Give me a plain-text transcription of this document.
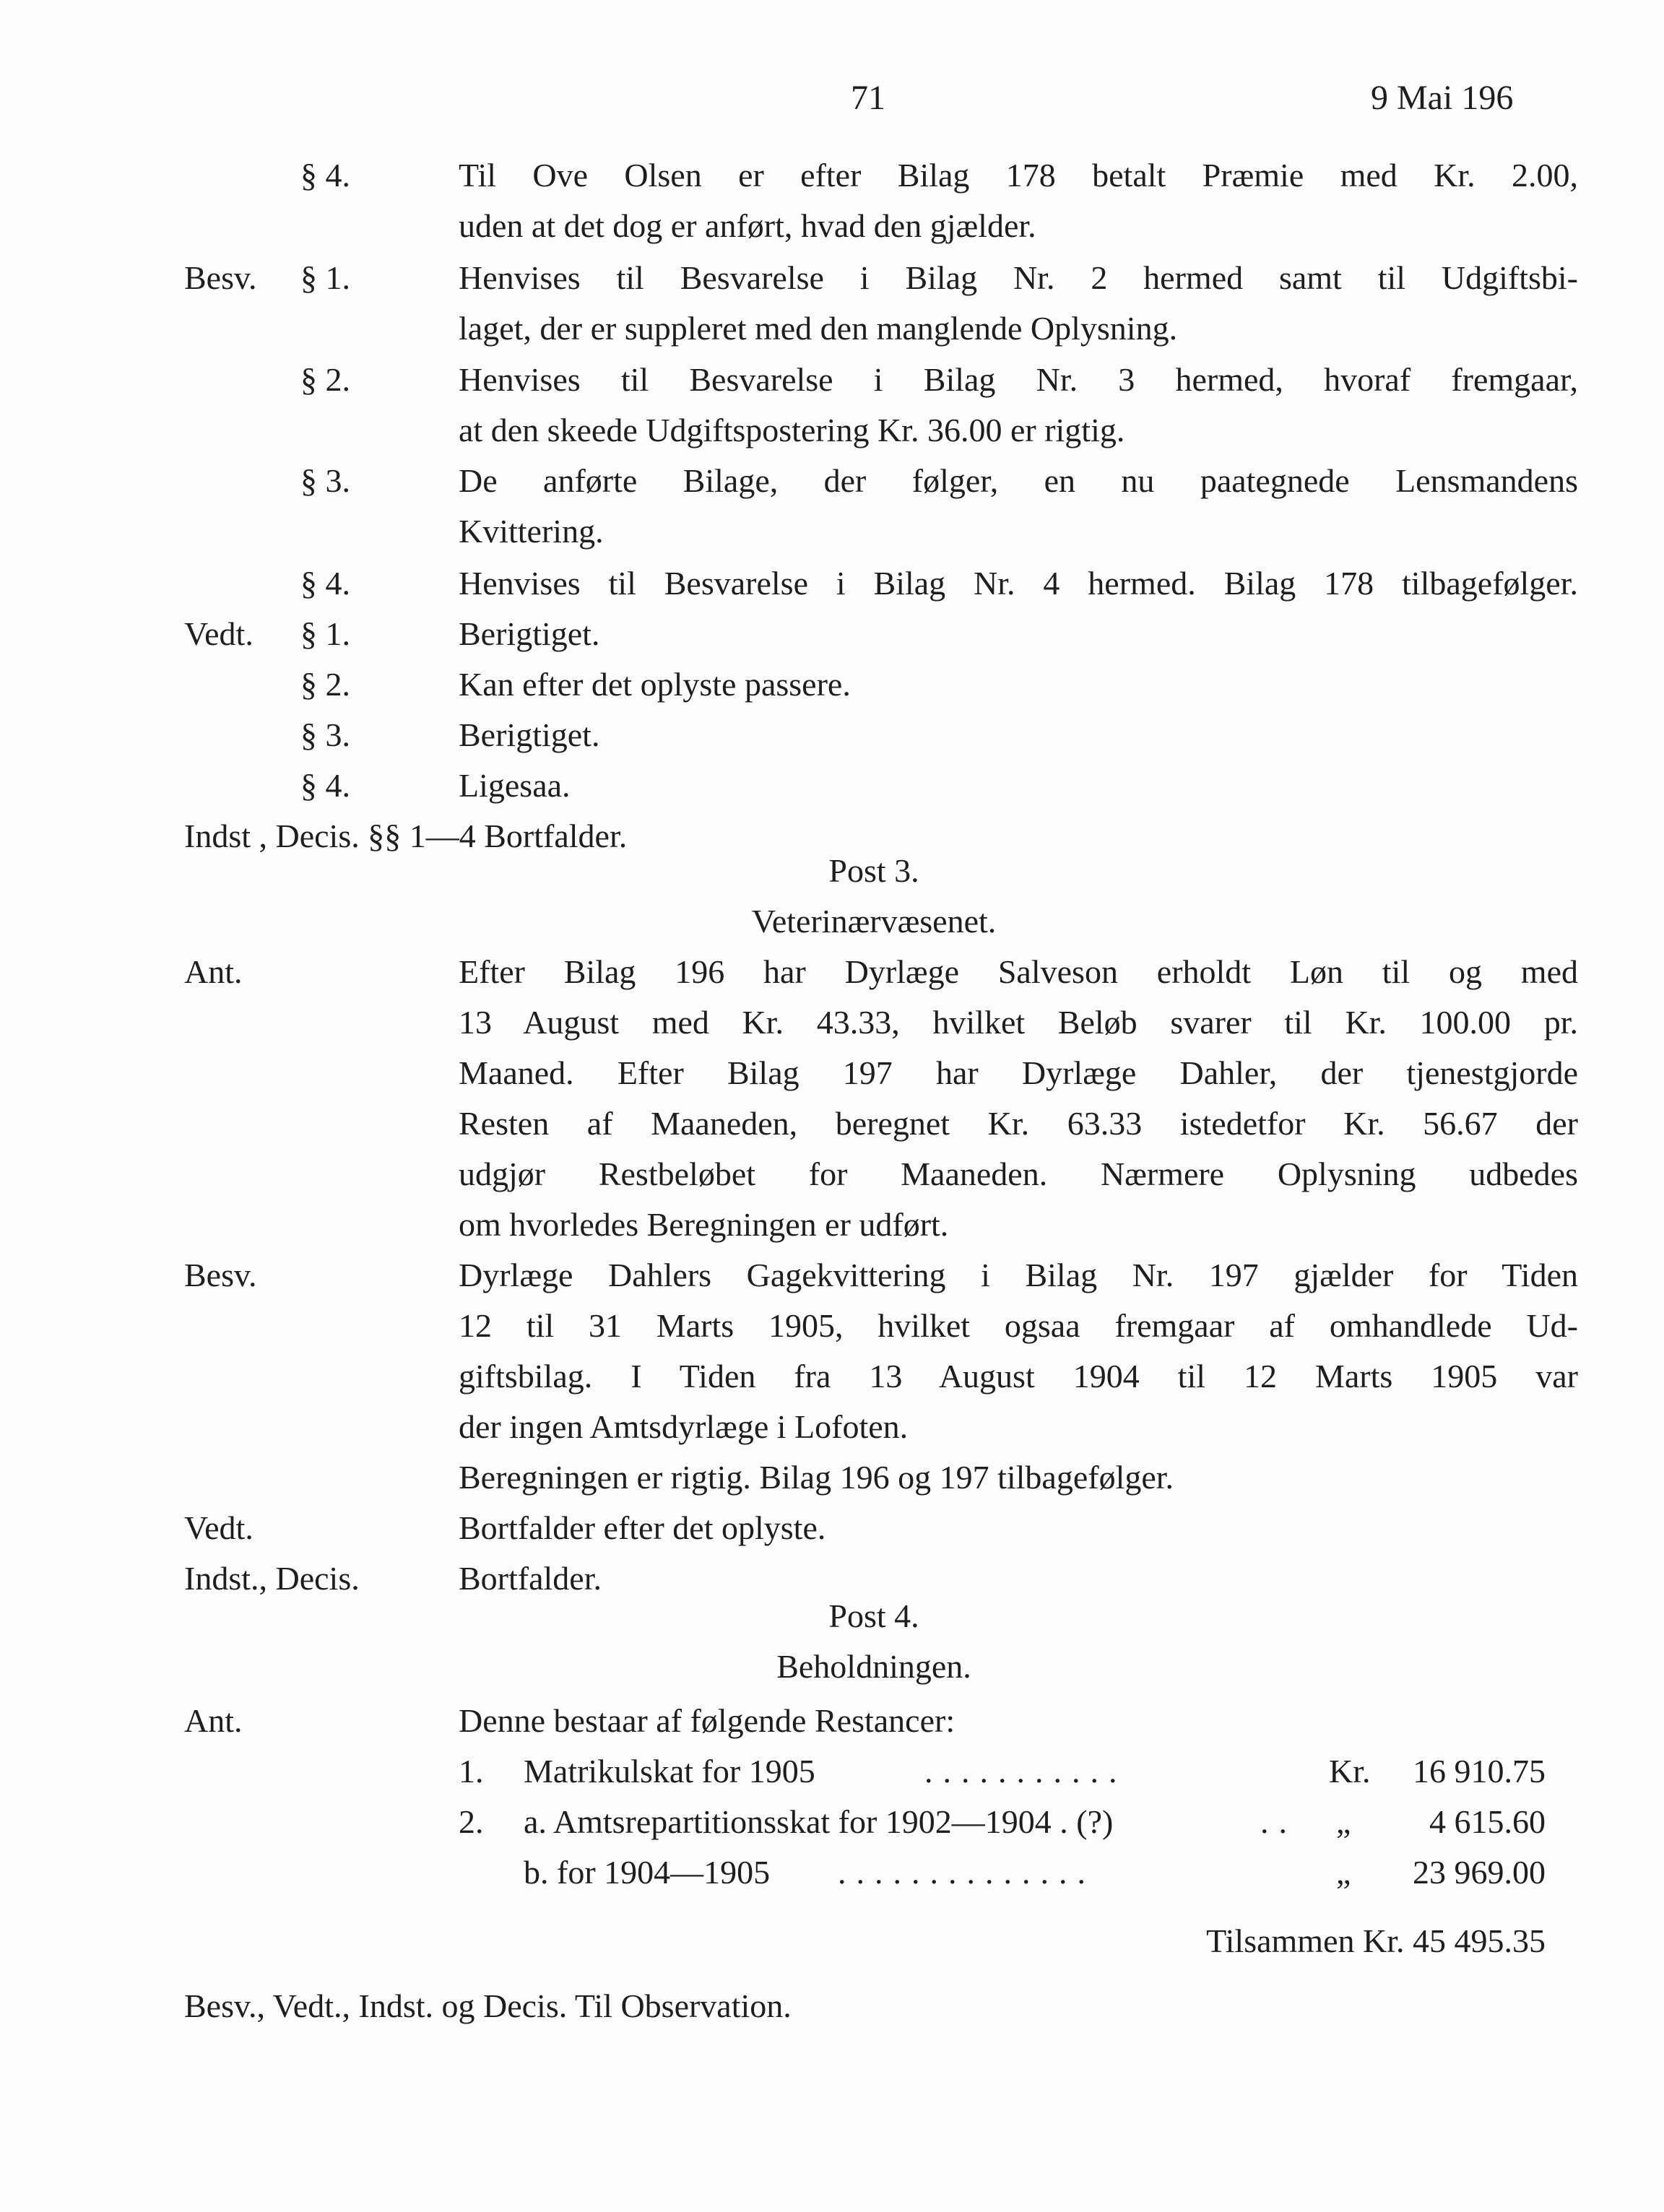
71	9 Mai 196
§ 4.	Til Ove Olsen er efter Bilag 178 betalt Præmie med Kr. 2.00,
uden at det dog er anført, hvad den gjælder.
Besv.	§ 1.	Henvises til Besvarelse i Bilag Nr. 2 hermed samt til Udgiftsbi-
laget, der er suppleret med den manglende Oplysning.
§ 2.	Henvises til Besvarelse i Bilag Nr. 3 hermed, hvoraf fremgaar,
at den skeede Udgiftspostering Kr. 36.00 er rigtig.
§ 3.	De anførte Bilage, der følger, en nu paategnede Lensmandens
Kvittering.
§ 4.	Henvises til Besvarelse i Bilag Nr. 4 hermed. Bilag 178 tilbagefølger.
Vedt.	§ 1.	Berigtiget.
§ 2.	Kan efter det oplyste passere.
§ 3.	Berigtiget.
§ 4.	Ligesaa.
Indst , Decis. §§ 1—4 Bortfalder.
Post 3.
Veterinærvæsenet.
Ant.	Efter Bilag 196 har Dyrlæge Salveson erholdt Løn til og med
13 August med Kr. 43.33, hvilket Beløb svarer til Kr. 100.00 pr.
Maaned. Efter Bilag 197 har Dyrlæge Dahler, der tjenestgjorde
Resten af Maaneden, beregnet Kr. 63.33 istedetfor Kr. 56.67 der
udgjør Restbeløbet for Maaneden. Nærmere Oplysning udbedes
om hvorledes Beregningen er udført.
Besv.	Dyrlæge Dahlers Gagekvittering i Bilag Nr. 197 gjælder for Tiden
12 til 31 Marts 1905, hvilket ogsaa fremgaar af omhandlede Ud-
giftsbilag. I Tiden fra 13 August 1904 til 12 Marts 1905 var
der ingen Amtsdyrlæge i Lofoten.
Beregningen er rigtig. Bilag 196 og 197 tilbagefølger.
Vedt.	Bortfalder efter det oplyste.
Indst., Decis.	Bortfalder.
Post 4.
Beholdningen.
Ant.	Denne bestaar af følgende Restancer:
1. Matrikulskat for 1905	...........	Kr.	16 910.75
2. a. Amtsrepartitionsskat for 1902—1904 . (?)	.. „	4 615.60
b. for 1904—1905 ..............	„	23 969.00
Tilsammen Kr. 45 495.35
Besv., Vedt., Indst. og Decis. Til Observation.
